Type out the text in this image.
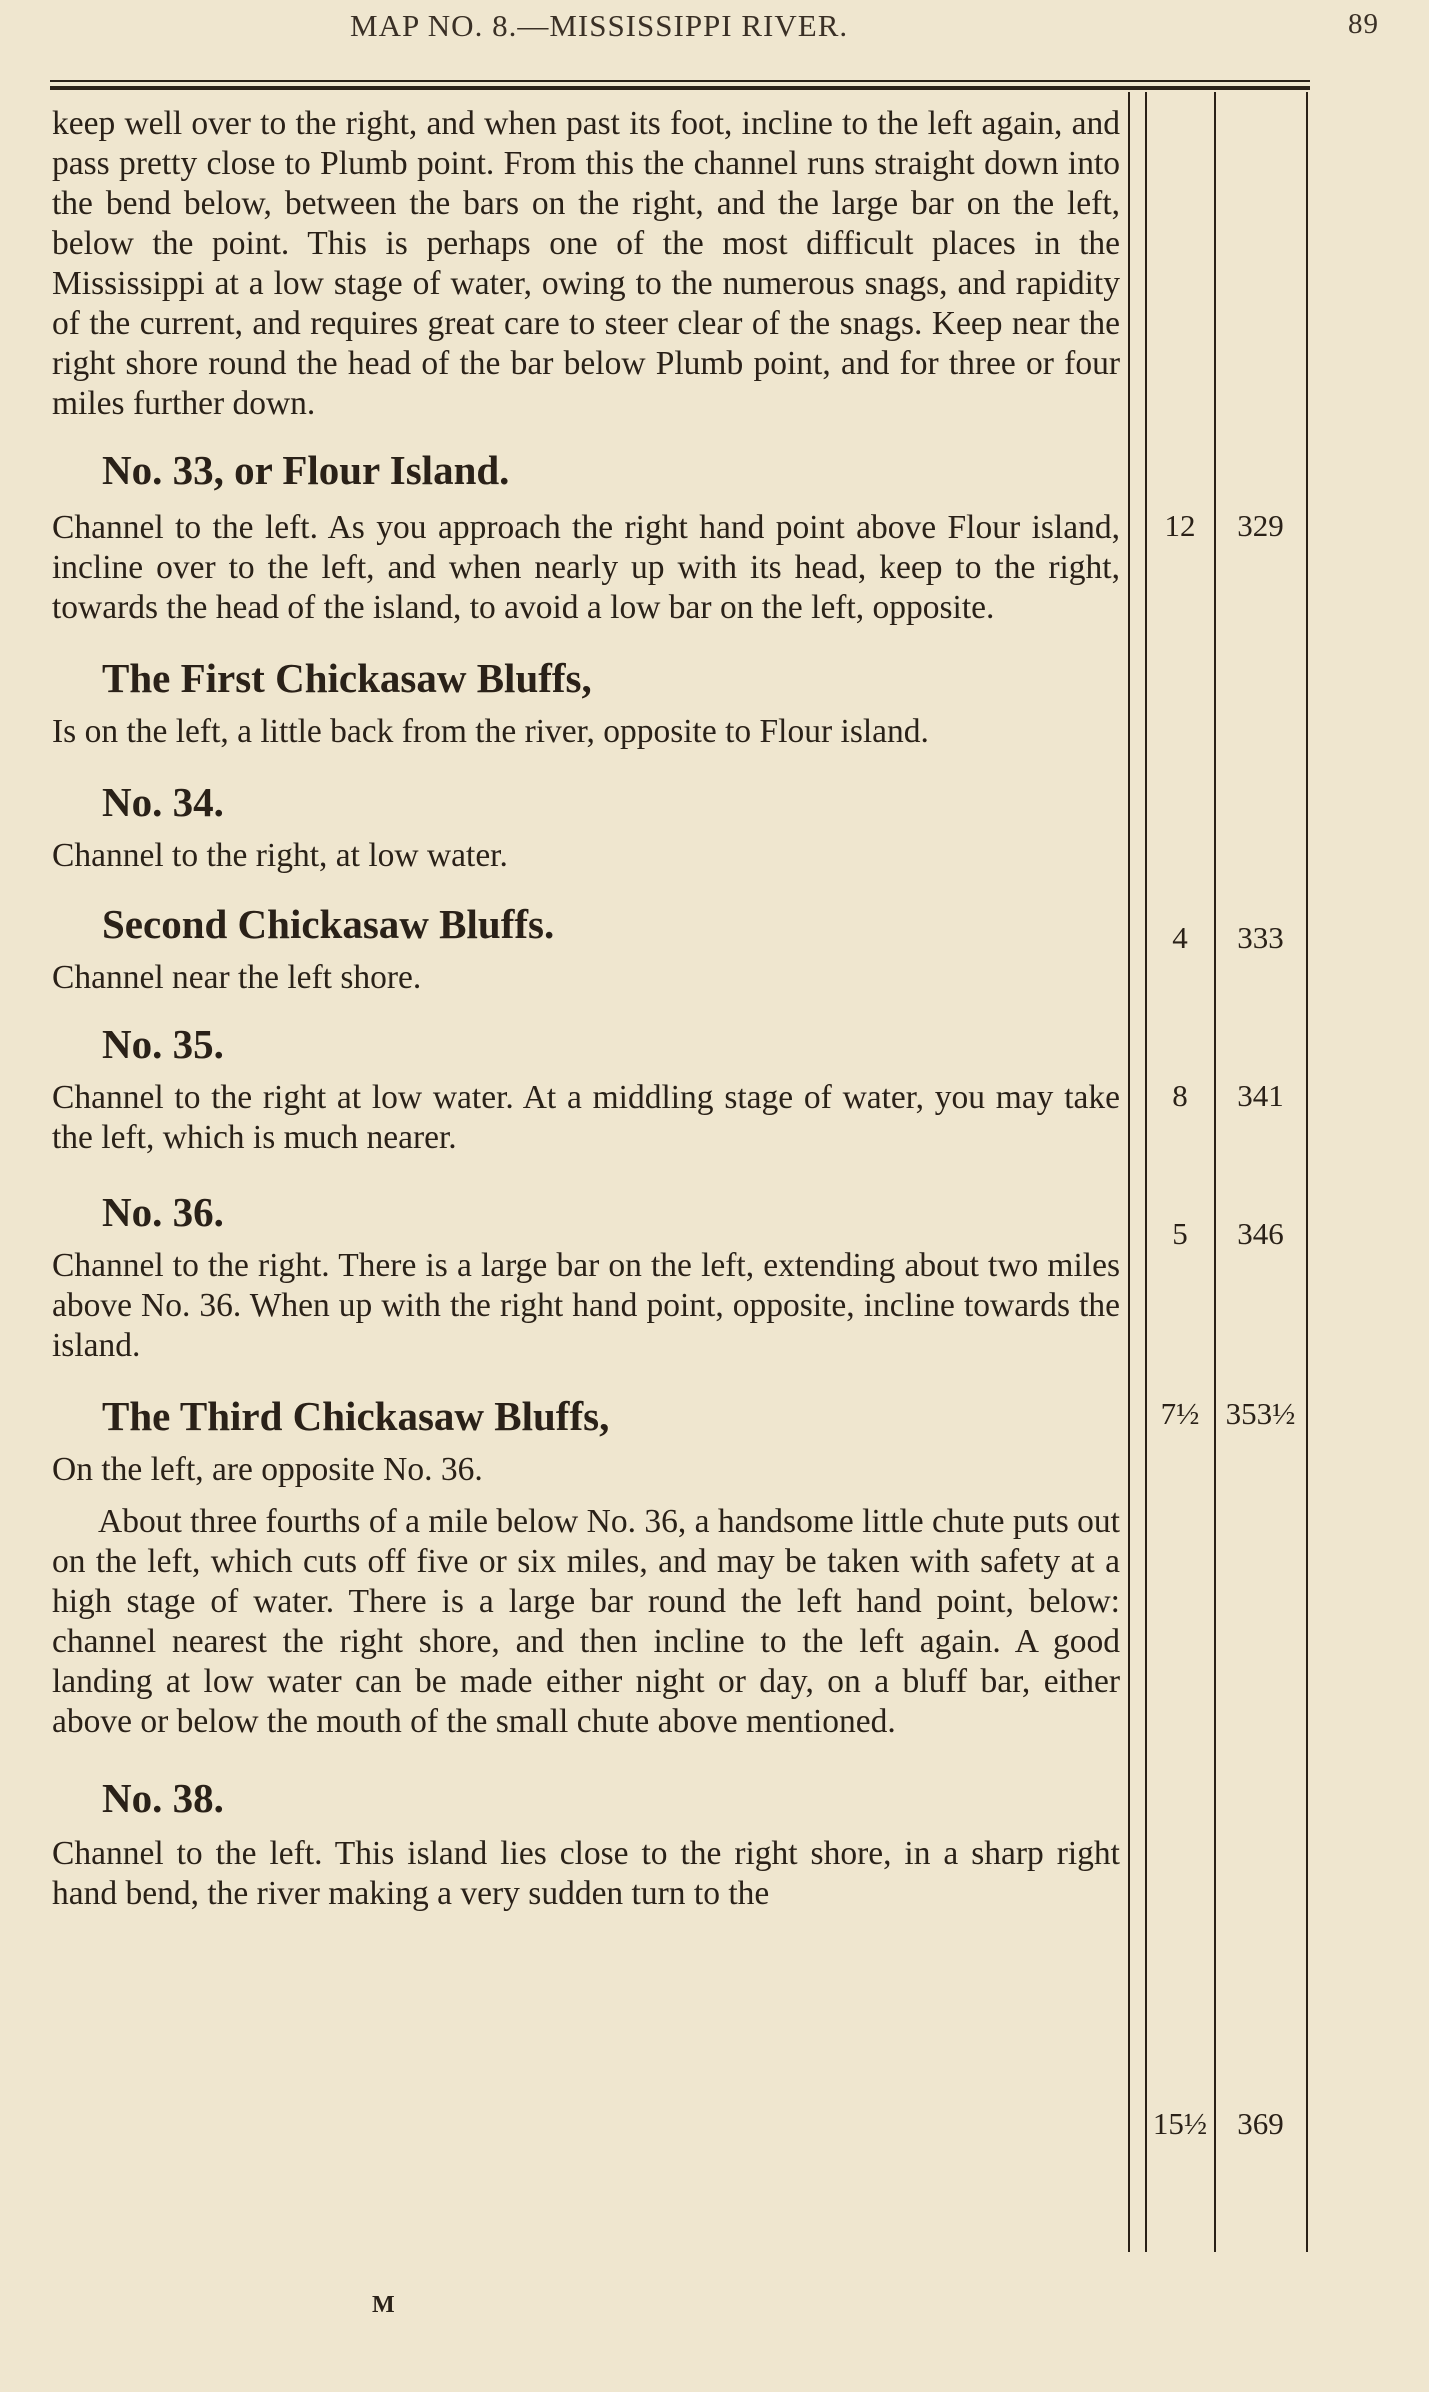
MAP NO. 8.—MISSISSIPPI RIVER.	89

keep well over to the right, and when past its foot, incline to the left again, and pass pretty close to Plumb point. From this the channel runs straight down into the bend below, between the bars on the right, and the large bar on the left, below the point. This is perhaps one of the most difficult places in the Mississippi at a low stage of water, owing to the numerous snags, and rapidity of the current, and requires great care to steer clear of the snags. Keep near the right shore round the head of the bar below Plumb point, and for three or four miles further down.

No. 33, or Flour Island.

Channel to the left. As you approach the right hand point above Flour island, incline over to the left, and when nearly up with its head, keep to the right, towards the head of the island, to avoid a low bar on the left, opposite.

The First Chickasaw Bluffs,

Is on the left, a little back from the river, opposite to Flour island.

No. 34.

Channel to the right, at low water.

Second Chickasaw Bluffs.

Channel near the left shore.

No. 35.

Channel to the right at low water. At a middling stage of water, you may take the left, which is much nearer.

No. 36.

Channel to the right. There is a large bar on the left, extending about two miles above No. 36. When up with the right hand point, opposite, incline towards the island.

The Third Chickasaw Bluffs,

On the left, are opposite No. 36.

About three fourths of a mile below No. 36, a handsome little chute puts out on the left, which cuts off five or six miles, and may be taken with safety at a high stage of water. There is a large bar round the left hand point, below: channel nearest the right shore, and then incline to the left again. A good landing at low water can be made either night or day, on a bluff bar, either above or below the mouth of the small chute above mentioned.

No. 38.

Channel to the left. This island lies close to the right shore, in a sharp right hand bend, the river making a very sudden turn to the

12	329
4	333
8	341
5	346
7½ 353½
15½ 369
M
